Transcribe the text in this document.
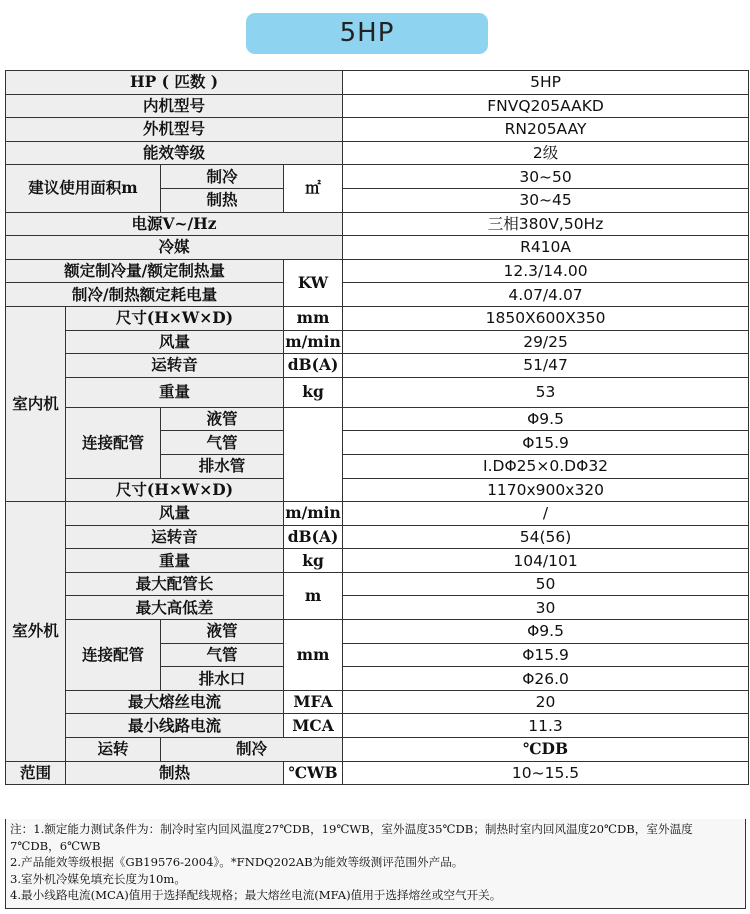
5HP
HP ( 匹数 )				5HP	
内机型号				FNVQ205AAKD	
外机型号				RN205AAY	
能效等级				2级	
建议使用面积m		制冷	㎡	30~50	
		制热		30~45	
电源V~/Hz				三相380V,50Hz	
冷媒				R410A	
额定制冷量/额定制热量			KW	12.3/14.00	
制冷/制热额定耗电量				4.07/4.07	
室内机	尺寸(H×W×D)		mm	1850X600X350	
	风量		m/min	29/25	
	运转音		dB(A)	51/47	
	重量		kg	53	
	连接配管	液管		Φ9.5	
		气管		Φ15.9	
		排水管		I.DΦ25×0.DΦ32	
	尺寸(H×W×D)			1170x900x320	
室外机	风量		m/min	/	
	运转音		dB(A)	54(56)	
	重量		kg	104/101	
	最大配管长		m	50	
	最大高低差			30	
	连接配管	液管	mm	Φ9.5	
		气管		Φ15.9	
		排水口		Φ26.0	
	最大熔丝电流		MFA	20	
	最小线路电流		MCA	11.3	
	运转	制冷		℃DB	
范围	制热		℃WB	10~15.5	
注：1.额定能力测试条件为：制冷时室内回风温度27℃DB，19℃WB，室外温度35℃DB；制热时室内回风温度20℃DB，室外温度7℃DB，6℃WB
2.产品能效等级根据《GB19576-2004》。*FNDQ202AB为能效等级测评范围外产品。
3.室外机冷媒免填充长度为10m。
4.最小线路电流(MCA)值用于选择配线规格；最大熔丝电流(MFA)值用于选择熔丝或空气开关。
